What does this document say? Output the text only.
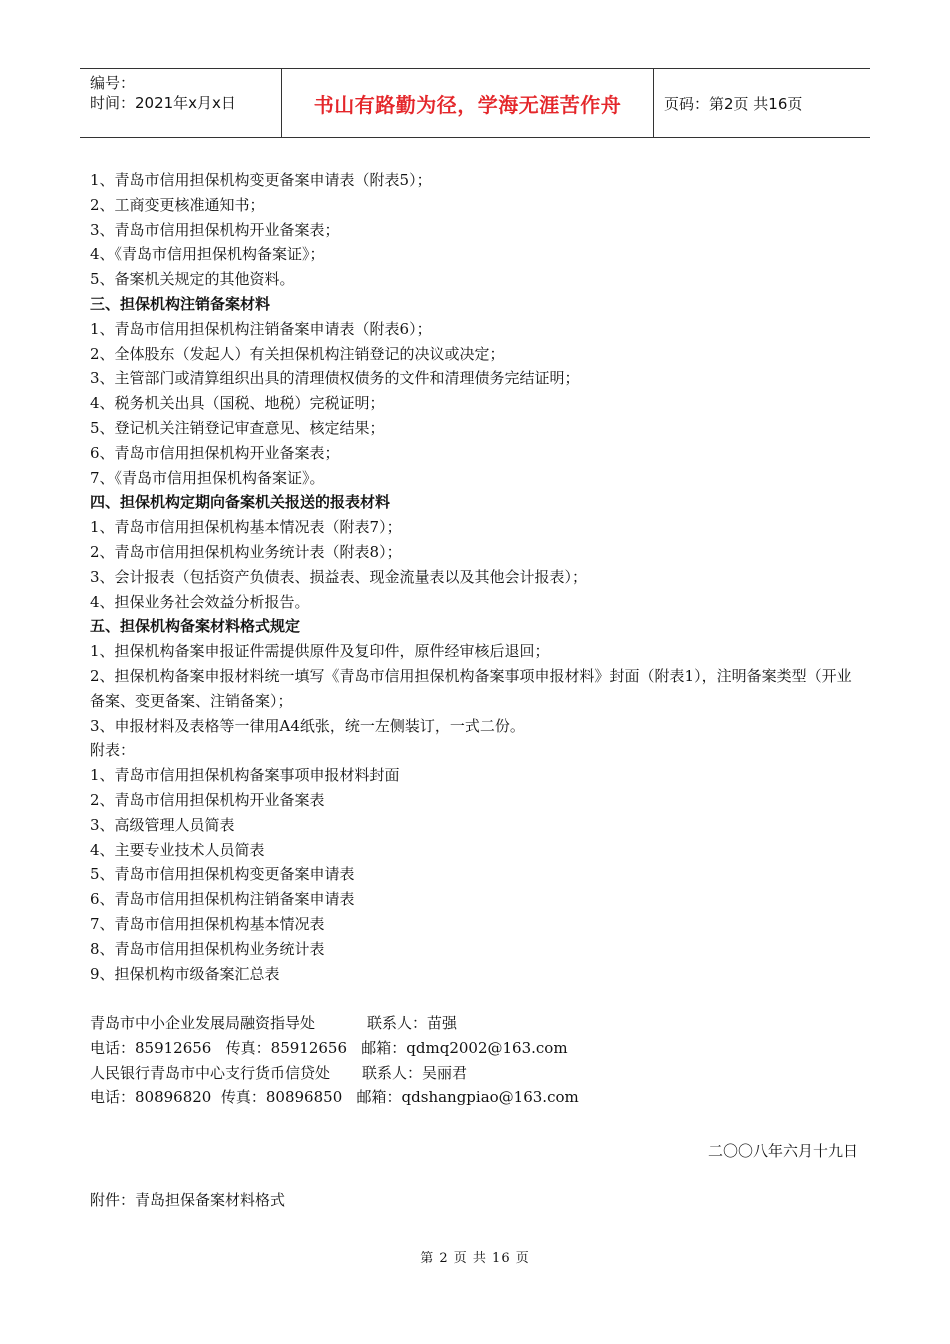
编号：
时间：2021年x月x日	书山有路勤为径，学海无涯苦作舟	页码：第2页 共16页

1、青岛市信用担保机构变更备案申请表（附表5）；

2、工商变更核准通知书；

3、青岛市信用担保机构开业备案表；

4、《青岛市信用担保机构备案证》；

5、备案机关规定的其他资料。

三、担保机构注销备案材料

1、青岛市信用担保机构注销备案申请表（附表6）；

2、全体股东（发起人）有关担保机构注销登记的决议或决定；

3、主管部门或清算组织出具的清理债权债务的文件和清理债务完结证明；

4、税务机关出具（国税、地税）完税证明；

5、登记机关注销登记审查意见、核定结果；

6、青岛市信用担保机构开业备案表；

7、《青岛市信用担保机构备案证》。

四、担保机构定期向备案机关报送的报表材料

1、青岛市信用担保机构基本情况表（附表7）；

2、青岛市信用担保机构业务统计表（附表8）；

3、会计报表（包括资产负债表、损益表、现金流量表以及其他会计报表）；

4、担保业务社会效益分析报告。

五、担保机构备案材料格式规定

1、担保机构备案申报证件需提供原件及复印件，原件经审核后退回；

2、担保机构备案申报材料统一填写《青岛市信用担保机构备案事项申报材料》封面（附表1），注明备案类型（开业备案、变更备案、注销备案）；

3、申报材料及表格等一律用A4纸张，统一左侧装订，一式二份。

附表：

1、青岛市信用担保机构备案事项申报材料封面

2、青岛市信用担保机构开业备案表

3、高级管理人员简表

4、主要专业技术人员简表

5、青岛市信用担保机构变更备案申请表

6、青岛市信用担保机构注销备案申请表

7、青岛市信用担保机构基本情况表

8、青岛市信用担保机构业务统计表

9、担保机构市级备案汇总表

青岛市中小企业发展局融资指导处	联系人：苗强

电话：85912656   传真：85912656   邮箱：qdmq2002@163.com

人民银行青岛市中心支行货币信贷处 联系人：吴丽君

电话：80896820  传真：80896850   邮箱：qdshangpiao@163.com

二〇〇八年六月十九日
附件：青岛担保备案材料格式
第 2 页 共 16 页
